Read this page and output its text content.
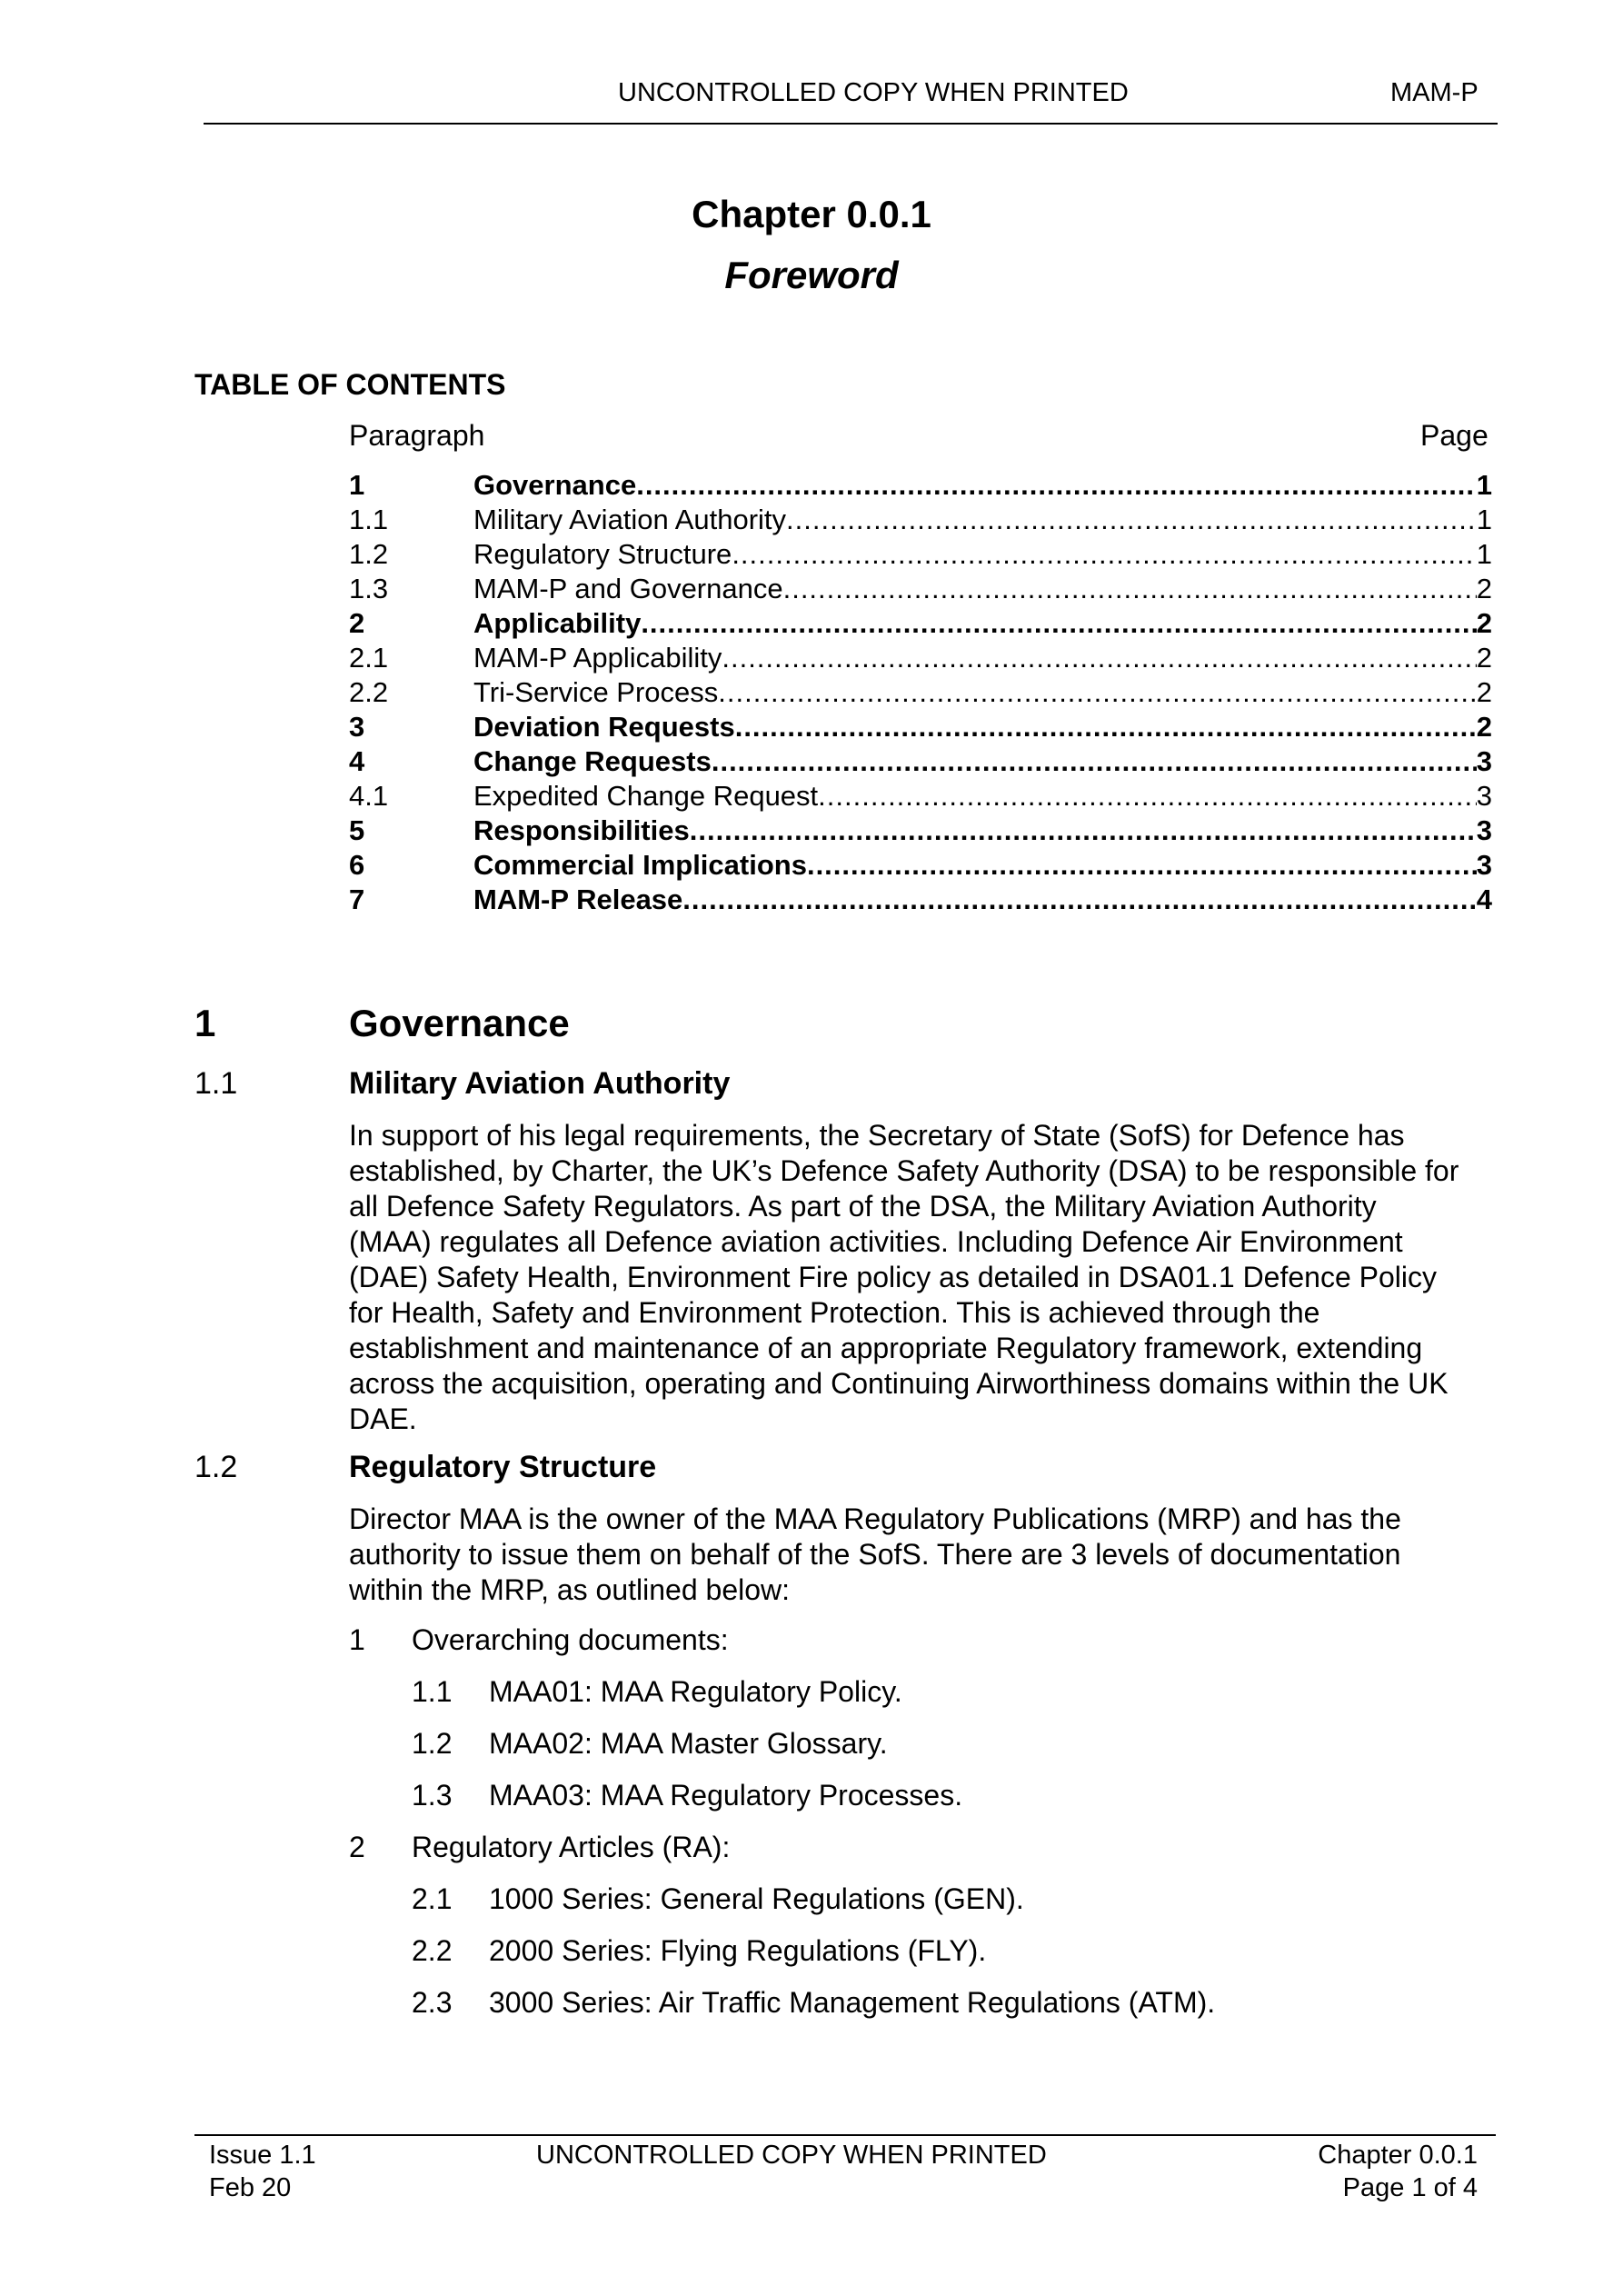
UNCONTROLLED COPY WHEN PRINTED	MAM-P
Chapter 0.0.1
Foreword
TABLE OF CONTENTS
Paragraph	Page
1	Governance .....	1
1.1	Military Aviation Authority .....	1
1.2	Regulatory Structure .....	1
1.3	MAM-P and Governance .....	2
2	Applicability .....	2
2.1	MAM-P Applicability .....	2
2.2	Tri-Service Process .....	2
3	Deviation Requests .....	2
4	Change Requests .....	3
4.1	Expedited Change Request .....	3
5	Responsibilities .....	3
6	Commercial Implications .....	3
7	MAM-P Release .....	4
1	Governance
1.1	Military Aviation Authority
In support of his legal requirements, the Secretary of State (SofS) for Defence has
established, by Charter, the UK’s Defence Safety Authority (DSA) to be responsible for
all Defence Safety Regulators. As part of the DSA, the Military Aviation Authority
(MAA) regulates all Defence aviation activities. Including Defence Air Environment
(DAE) Safety Health, Environment Fire policy as detailed in DSA01.1 Defence Policy
for Health, Safety and Environment Protection. This is achieved through the
establishment and maintenance of an appropriate Regulatory framework, extending
across the acquisition, operating and Continuing Airworthiness domains within the UK
DAE.
1.2	Regulatory Structure
Director MAA is the owner of the MAA Regulatory Publications (MRP) and has the
authority to issue them on behalf of the SofS. There are 3 levels of documentation
within the MRP, as outlined below:
1 Overarching documents:
1.1 MAA01: MAA Regulatory Policy.
1.2 MAA02: MAA Master Glossary.
1.3 MAA03: MAA Regulatory Processes.
2 Regulatory Articles (RA):
2.1 1000 Series: General Regulations (GEN).
2.2 2000 Series: Flying Regulations (FLY).
2.3 3000 Series: Air Traffic Management Regulations (ATM).
Issue 1.1
Feb 20
UNCONTROLLED COPY WHEN PRINTED	Chapter 0.0.1
Page 1 of 4
